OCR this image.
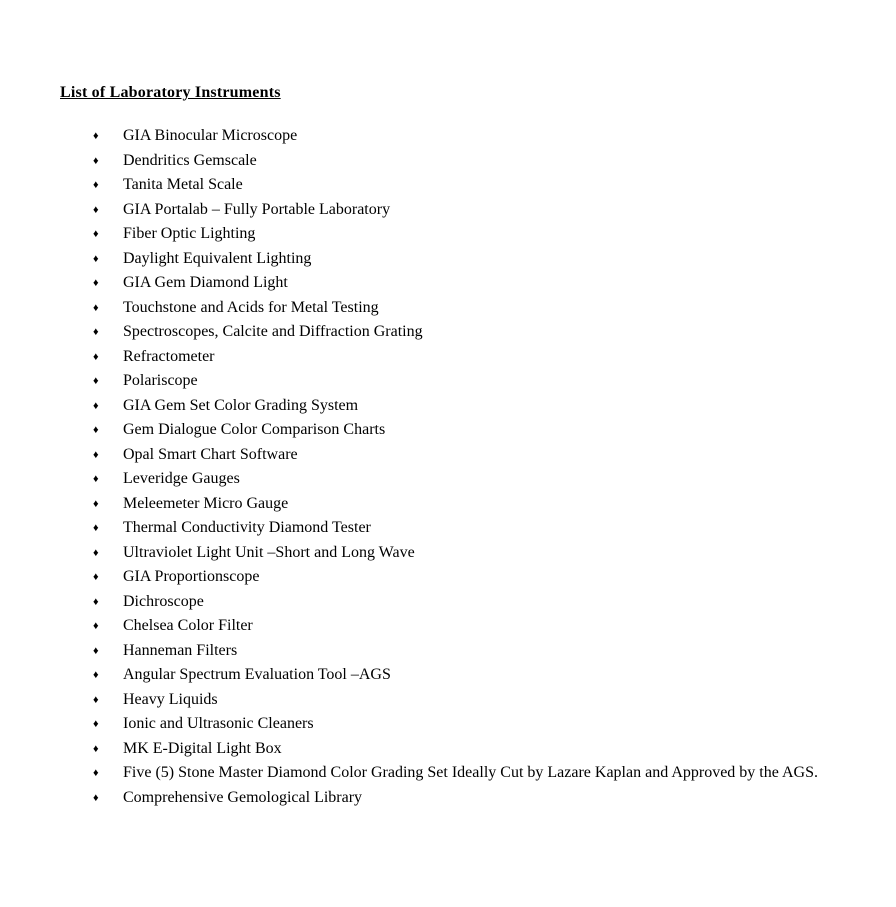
List of Laboratory Instruments
♦	GIA Binocular Microscope
♦	Dendritics Gemscale
♦	Tanita Metal Scale
♦	GIA Portalab – Fully Portable Laboratory
♦	Fiber Optic Lighting
♦	Daylight Equivalent Lighting
♦	GIA Gem Diamond Light
♦	Touchstone and Acids for Metal Testing
♦	Spectroscopes, Calcite and Diffraction Grating
♦	Refractometer
♦	Polariscope
♦	GIA Gem Set Color Grading System
♦	Gem Dialogue Color Comparison Charts
♦	Opal Smart Chart Software
♦	Leveridge Gauges
♦	Meleemeter Micro Gauge
♦	Thermal Conductivity Diamond Tester
♦	Ultraviolet Light Unit –Short and Long Wave
♦	GIA Proportionscope
♦	Dichroscope
♦	Chelsea Color Filter
♦	Hanneman Filters
♦	Angular Spectrum Evaluation Tool –AGS
♦	Heavy Liquids
♦	Ionic and Ultrasonic Cleaners
♦	MK E-Digital Light Box
♦	Five (5) Stone Master Diamond Color Grading Set Ideally Cut by Lazare Kaplan and Approved by the AGS.
♦	Comprehensive Gemological Library
